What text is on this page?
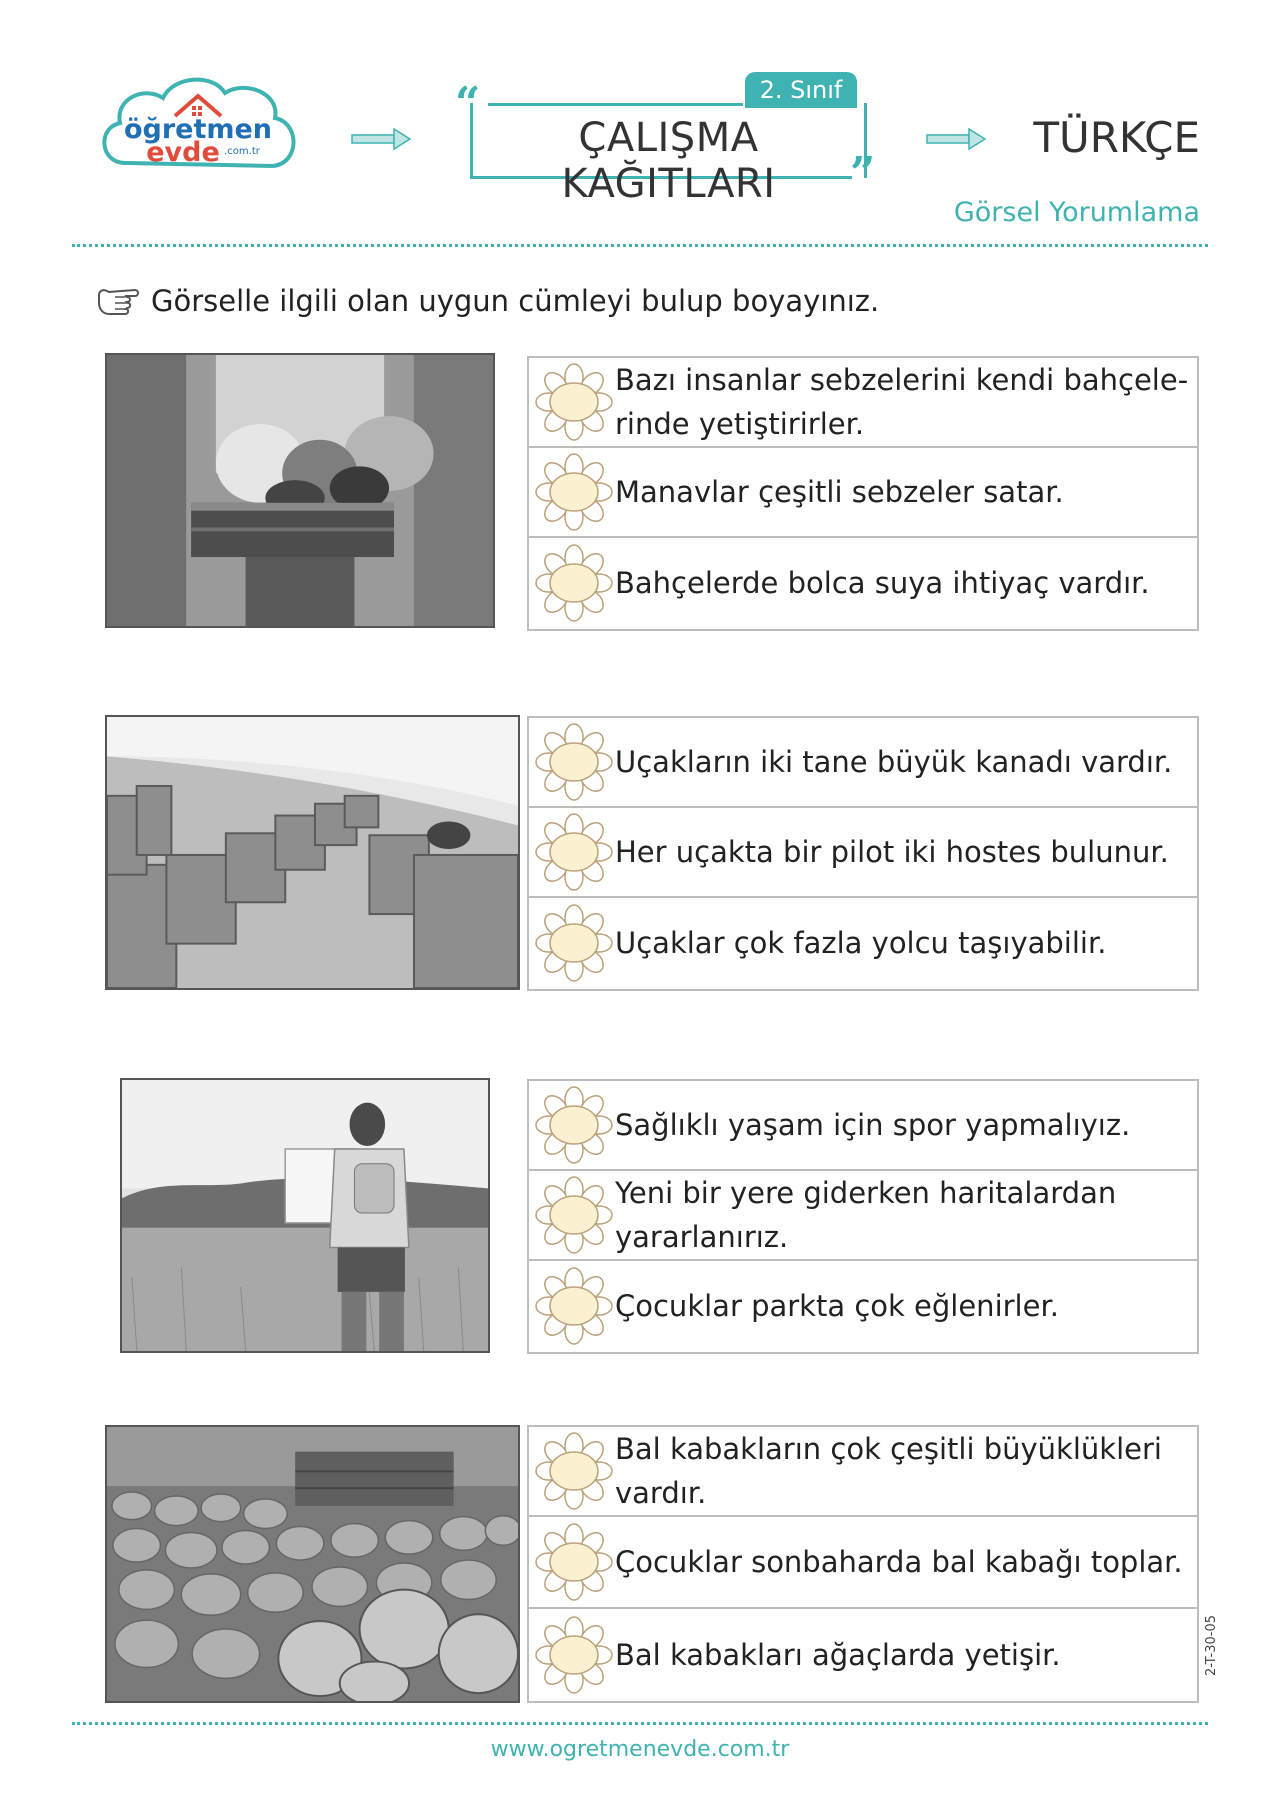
öğretmen
evde .com.tr
“	2. Sınıf
ÇALIŞMA KAĞITLARI	”
TÜRKÇE
Görsel Yorumlama
Görselle ilgili olan uygun cümleyi bulup boyayınız.
Bazı insanlar sebzelerini kendi bahçele- rinde yetiştirirler.
Manavlar çeşitli sebzeler satar.
Bahçelerde bolca suya ihtiyaç vardır.
Uçakların iki tane büyük kanadı vardır.
Her uçakta bir pilot iki hostes bulunur.
Uçaklar çok fazla yolcu taşıyabilir.
Sağlıklı yaşam için spor yapmalıyız.
Yeni bir yere giderken haritalardan yararlanırız.
Çocuklar parkta çok eğlenirler.
Bal kabakların çok çeşitli büyüklükleri vardır.
Çocuklar sonbaharda bal kabağı toplar.
Bal kabakları ağaçlarda yetişir.	2-T-30-05
www.ogretmenevde.com.tr
